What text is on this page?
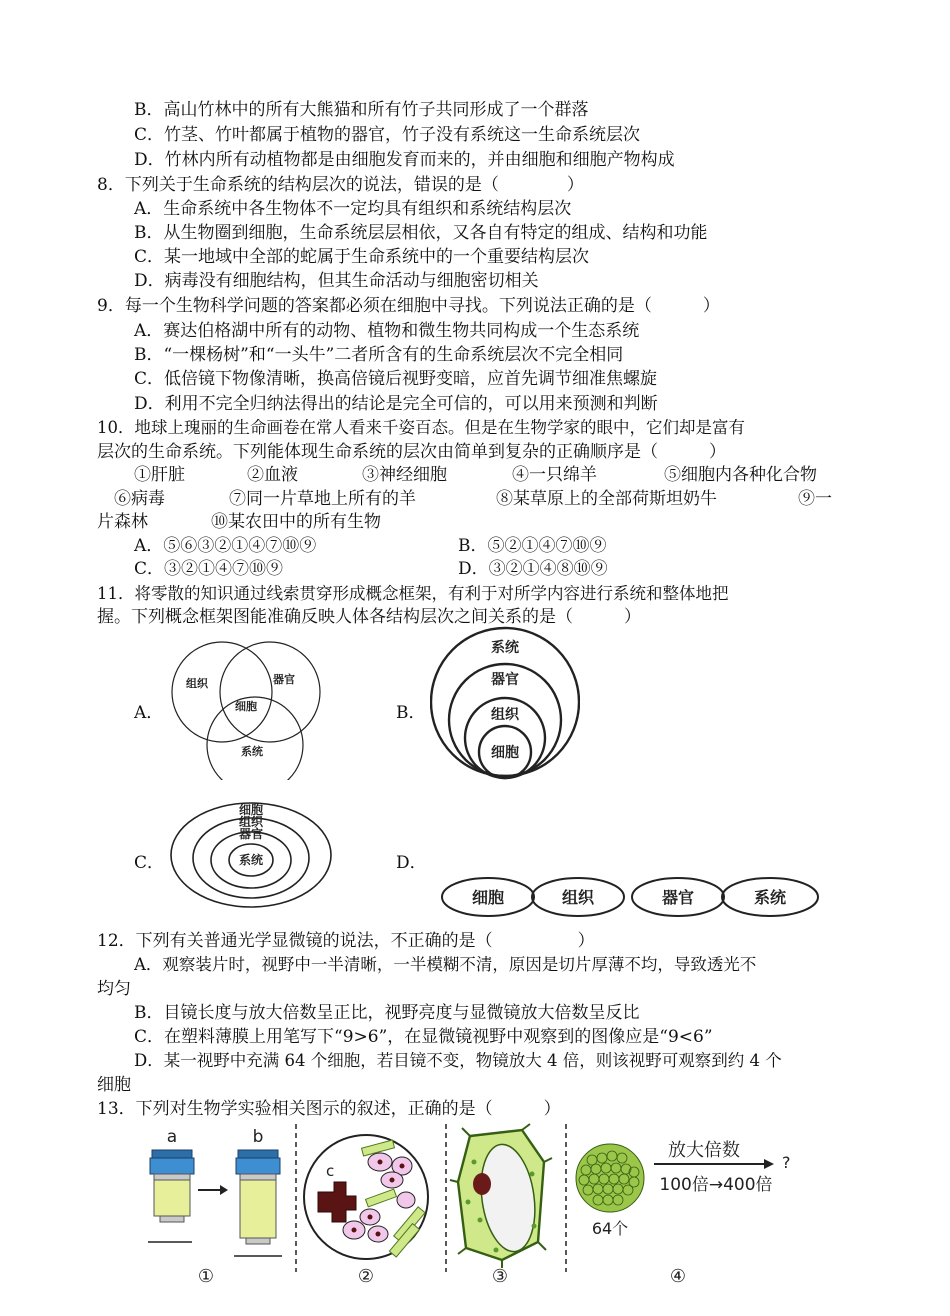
B．高山竹林中的所有大熊猫和所有竹子共同形成了一个群落
C．竹茎、竹叶都属于植物的器官，竹子没有系统这一生命系统层次
D．竹林内所有动植物都是由细胞发育而来的，并由细胞和细胞产物构成
8．下列关于生命系统的结构层次的说法，错误的是（　　　　）
A．生命系统中各生物体不一定均具有组织和系统结构层次
B．从生物圈到细胞，生命系统层层相依，又各自有特定的组成、结构和功能
C．某一地域中全部的蛇属于生命系统中的一个重要结构层次
D．病毒没有细胞结构，但其生命活动与细胞密切相关
9．每一个生物科学问题的答案都必须在细胞中寻找。下列说法正确的是（　　　）
A．赛达伯格湖中所有的动物、植物和微生物共同构成一个生态系统
B．“一棵杨树”和“一头牛”二者所含有的生命系统层次不完全相同
C．低倍镜下物像清晰，换高倍镜后视野变暗，应首先调节细准焦螺旋
D．利用不完全归纳法得出的结论是完全可信的，可以用来预测和判断
10．地球上瑰丽的生命画卷在常人看来千姿百态。但是在生物学家的眼中，它们却是富有
层次的生命系统。下列能体现生命系统的层次由简单到复杂的正确顺序是（　　　）
①肝脏	②血液	③神经细胞	④一只绵羊	⑤细胞内各种化合物
⑥病毒	⑦同一片草地上所有的羊	⑧某草原上的全部荷斯坦奶牛	⑨一
片森林	⑩某农田中的所有生物
A．⑤⑥③②①④⑦⑩⑨	B．⑤②①④⑦⑩⑨
C．③②①④⑦⑩⑨	D．③②①④⑧⑩⑨
11．将零散的知识通过线索贯穿形成概念框架，有利于对所学内容进行系统和整体地把
握。下列概念框架图能准确反映人体各结构层次之间关系的是（　　　）
A．	B．
C．	D．
组织	器官
细胞
系统
系统
器官
组织
细胞
细胞
组织
器官
系统
细胞	组织	器官	系统
12．下列有关普通光学显微镜的说法，不正确的是（　　　　　）
A．观察装片时，视野中一半清晰，一半模糊不清，原因是切片厚薄不均，导致透光不
均匀
B．目镜长度与放大倍数呈正比，视野亮度与显微镜放大倍数呈反比
C．在塑料薄膜上用笔写下“9>6”，在显微镜视野中观察到的图像应是“9<6”
D．某一视野中充满 64 个细胞，若目镜不变，物镜放大 4 倍，则该视野可观察到约 4 个
细胞
13．下列对生物学实验相关图示的叙述，正确的是（　　　）
a	b
①
c
②	③
64个
放大倍数
?
100倍→400倍
④
